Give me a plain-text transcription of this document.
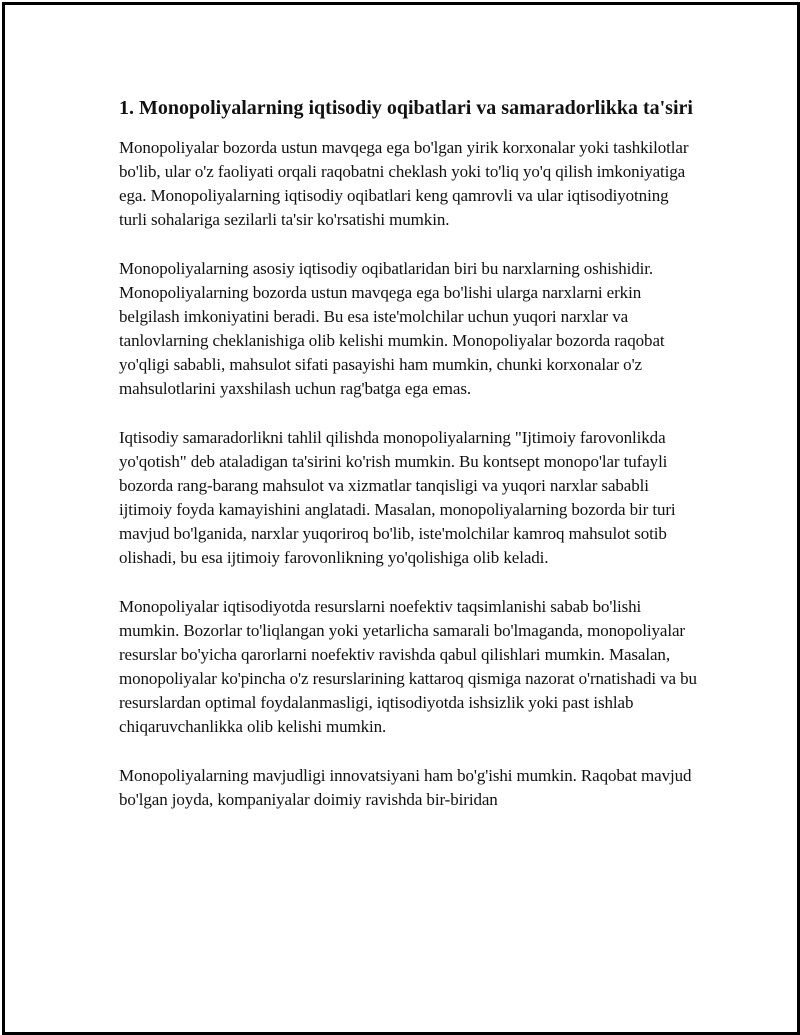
1. Monopoliyalarning iqtisodiy oqibatlari va samaradorlikka ta'siri

Monopoliyalar bozorda ustun mavqega ega bo'lgan yirik korxonalar yoki tashkilotlar bo'lib, ular o'z faoliyati orqali raqobatni cheklash yoki to'liq yo'q qilish imkoniyatiga ega. Monopoliyalarning iqtisodiy oqibatlari keng qamrovli va ular iqtisodiyotning turli sohalariga sezilarli ta'sir ko'rsatishi mumkin.

Monopoliyalarning asosiy iqtisodiy oqibatlaridan biri bu narxlarning oshishidir. Monopoliyalarning bozorda ustun mavqega ega bo'lishi ularga narxlarni erkin belgilash imkoniyatini beradi. Bu esa iste'molchilar uchun yuqori narxlar va tanlovlarning cheklanishiga olib kelishi mumkin. Monopoliyalar bozorda raqobat yo'qligi sababli, mahsulot sifati pasayishi ham mumkin, chunki korxonalar o'z mahsulotlarini yaxshilash uchun rag'batga ega emas.

Iqtisodiy samaradorlikni tahlil qilishda monopoliyalarning "Ijtimoiy farovonlikda yo'qotish" deb ataladigan ta'sirini ko'rish mumkin. Bu kontsept monopo'lar tufayli bozorda rang-barang mahsulot va xizmatlar tanqisligi va yuqori narxlar sababli ijtimoiy foyda kamayishini anglatadi. Masalan, monopoliyalarning bozorda bir turi mavjud bo'lganida, narxlar yuqoriroq bo'lib, iste'molchilar kamroq mahsulot sotib olishadi, bu esa ijtimoiy farovonlikning yo'qolishiga olib keladi.

Monopoliyalar iqtisodiyotda resurslarni noefektiv taqsimlanishi sabab bo'lishi mumkin. Bozorlar to'liqlangan yoki yetarlicha samarali bo'lmaganda, monopoliyalar resurslar bo'yicha qarorlarni noefektiv ravishda qabul qilishlari mumkin. Masalan, monopoliyalar ko'pincha o'z resurslarining kattaroq qismiga nazorat o'rnatishadi va bu resurslardan optimal foydalanmasligi, iqtisodiyotda ishsizlik yoki past ishlab chiqaruvchanlikka olib kelishi mumkin.

Monopoliyalarning mavjudligi innovatsiyani ham bo'g'ishi mumkin. Raqobat mavjud bo'lgan joyda, kompaniyalar doimiy ravishda bir-biridan
